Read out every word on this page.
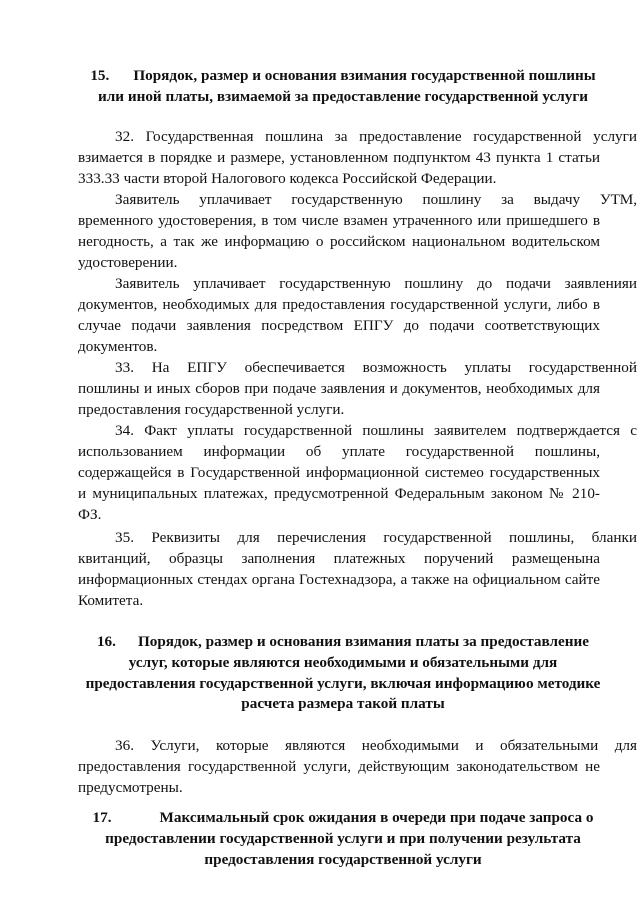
15. Порядок, размер и основания взимания государственной пошлины
или иной платы, взимаемой за предоставление государственной услуги
32. Государственная пошлина за предоставление государственной услуги
взимается в порядке и размере, установленном подпунктом 43 пункта 1 статьи
333.33 части второй Налогового кодекса Российской Федерации.
Заявитель уплачивает государственную пошлину за выдачу УТМ,
временного удостоверения, в том числе взамен утраченного или пришедшего в
негодность, а так же информацию о российском национальном водительском
удостоверении.
Заявитель уплачивает государственную пошлину до подачи заявленияи
документов, необходимых для предоставления государственной услуги, либо в
случае подачи заявления посредством ЕПГУ до подачи соответствующих
документов.
33. На ЕПГУ обеспечивается возможность уплаты государственной
пошлины и иных сборов при подаче заявления и документов, необходимых для
предоставления государственной услуги.
34. Факт уплаты государственной пошлины заявителем подтверждается с
использованием информации об уплате государственной пошлины,
содержащейся в Государственной информационной системео государственных
и муниципальных платежах, предусмотренной Федеральным законом № 210-
ФЗ.
35. Реквизиты для перечисления государственной пошлины, бланки
квитанций, образцы заполнения платежных поручений размещенына
информационных стендах органа Гостехнадзора, а также на официальном сайте
Комитета.
16. Порядок, размер и основания взимания платы за предоставление
услуг, которые являются необходимыми и обязательными для
предоставления государственной услуги, включая информациюо методике
расчета размера такой платы
36. Услуги, которые являются необходимыми и обязательными для
предоставления государственной услуги, действующим законодательством не
предусмотрены.
17.	Максимальный срок ожидания в очереди при подаче запроса о
предоставлении государственной услуги и при получении результата
предоставления государственной услуги
